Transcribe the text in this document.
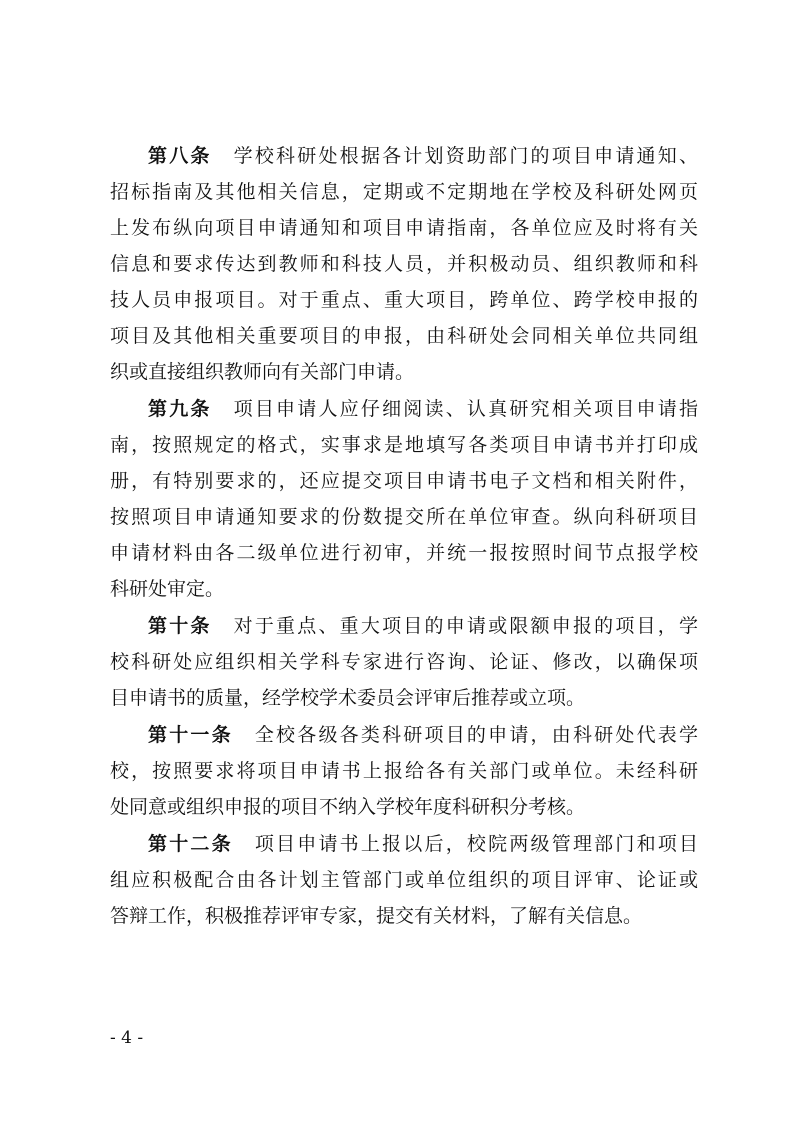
第八条 学校科研处根据各计划资助部门的项目申请通知、
招标指南及其他相关信息，定期或不定期地在学校及科研处网页
上发布纵向项目申请通知和项目申请指南，各单位应及时将有关
信息和要求传达到教师和科技人员，并积极动员、组织教师和科
技人员申报项目。对于重点、重大项目，跨单位、跨学校申报的
项目及其他相关重要项目的申报，由科研处会同相关单位共同组
织或直接组织教师向有关部门申请。
第九条 项目申请人应仔细阅读、认真研究相关项目申请指
南，按照规定的格式，实事求是地填写各类项目申请书并打印成
册，有特别要求的，还应提交项目申请书电子文档和相关附件，
按照项目申请通知要求的份数提交所在单位审查。纵向科研项目
申请材料由各二级单位进行初审，并统一报按照时间节点报学校
科研处审定。
第十条 对于重点、重大项目的申请或限额申报的项目，学
校科研处应组织相关学科专家进行咨询、论证、修改，以确保项
目申请书的质量，经学校学术委员会评审后推荐或立项。
第十一条 全校各级各类科研项目的申请，由科研处代表学
校，按照要求将项目申请书上报给各有关部门或单位。未经科研
处同意或组织申报的项目不纳入学校年度科研积分考核。
第十二条 项目申请书上报以后，校院两级管理部门和项目
组应积极配合由各计划主管部门或单位组织的项目评审、论证或
答辩工作，积极推荐评审专家，提交有关材料，了解有关信息。
- 4 -
